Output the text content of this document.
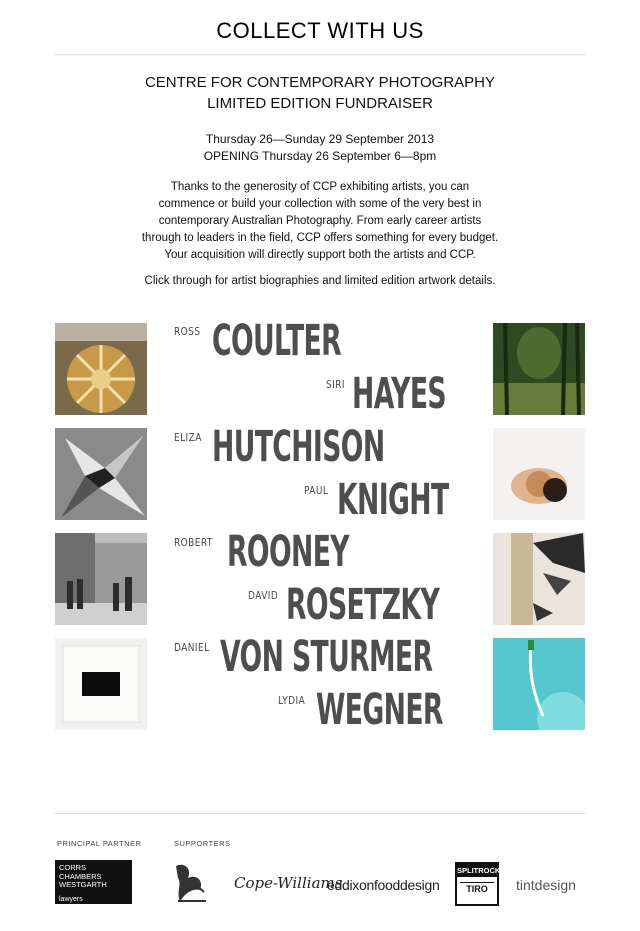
COLLECT WITH US
CENTRE FOR CONTEMPORARY PHOTOGRAPHY
LIMITED EDITION FUNDRAISER
Thursday 26—Sunday 29 September 2013
OPENING Thursday 26 September 6—8pm
Thanks to the generosity of CCP exhibiting artists, you can
commence or build your collection with some of the very best in
contemporary Australian Photography. From early career artists
through to leaders in the field, CCP offers something for every budget.
Your acquisition will directly support both the artists and CCP.
Click through for artist biographies and limited edition artwork details.
ROSS COULTER
SIRI HAYES
ELIZA HUTCHISON
PAUL KNIGHT
ROBERT ROONEY
DAVID ROSETZKY
DANIEL VON STURMER
LYDIA WEGNER
PRINCIPAL PARTNER	SUPPORTERS
CORRS
CHAMBERS
WESTGARTH
lawyers
Cope-Williams
eddixonfooddesign
SPLITROCK
TIRO	tintdesign
